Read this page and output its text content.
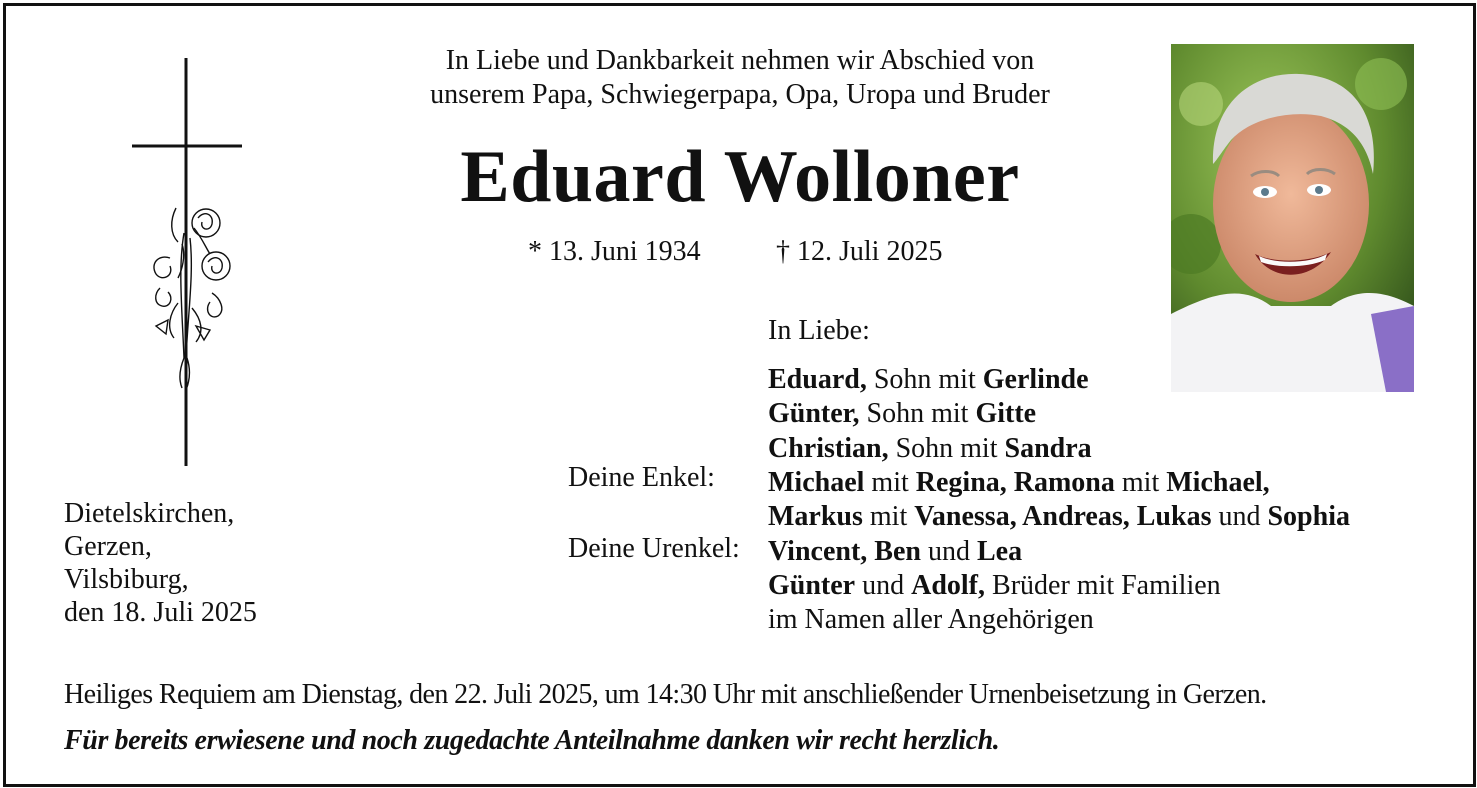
In Liebe und Dankbarkeit nehmen wir Abschied von
unserem Papa, Schwiegerpapa, Opa, Uropa und Bruder
Eduard Wolloner
* 13. Juni 1934	† 12. Juli 2025
Dietelskirchen,
Gerzen,
Vilsbiburg,
den 18. Juli 2025
In Liebe:
Deine Enkel:
Deine Urenkel:
Eduard, Sohn mit Gerlinde
Günter, Sohn mit Gitte
Christian, Sohn mit Sandra
Michael mit Regina, Ramona mit Michael,
Markus mit Vanessa, Andreas, Lukas und Sophia
Vincent, Ben und Lea
Günter und Adolf, Brüder mit Familien
im Namen aller Angehörigen
Heiliges Requiem am Dienstag, den 22. Juli 2025, um 14:30 Uhr mit anschließender Urnenbeisetzung in Gerzen.
Für bereits erwiesene und noch zugedachte Anteilnahme danken wir recht herzlich.
